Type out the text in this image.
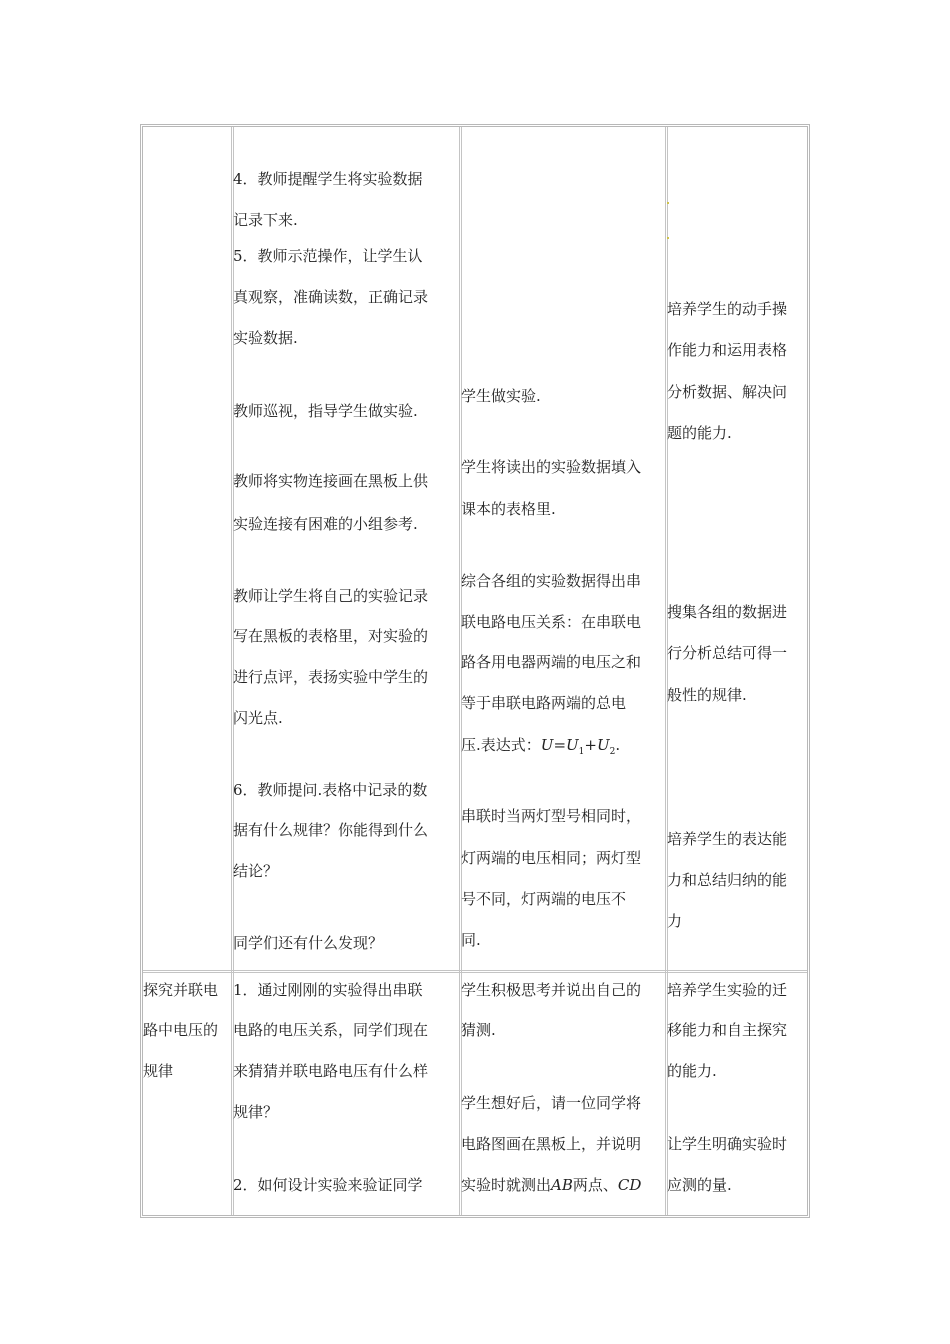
4．教师提醒学生将实验数据

记录下来.

5．教师示范操作，让学生认

真观察，准确读数，正确记录

实验数据.

教师巡视，指导学生做实验.

教师将实物连接画在黑板上供

实验连接有困难的小组参考.

教师让学生将自己的实验记录

写在黑板的表格里，对实验的

进行点评，表扬实验中学生的

闪光点.

6．教师提问.表格中记录的数

据有什么规律？你能得到什么

结论？

同学们还有什么发现？

学生做实验.

学生将读出的实验数据填入

课本的表格里.

综合各组的实验数据得出串

联电路电压关系：在串联电

路各用电器两端的电压之和

等于串联电路两端的总电

压.表达式：$U=U_1+U_2$.

串联时当两灯型号相同时，

灯两端的电压相同；两灯型

号不同，灯两端的电压不

同.

培养学生的动手操

作能力和运用表格

分析数据、解决问

题的能力.

搜集各组的数据进

行分析总结可得一

般性的规律.

培养学生的表达能

力和总结归纳的能

力

探究并联电

路中电压的

规律

1．通过刚刚的实验得出串联

电路的电压关系，同学们现在

来猜猜并联电路电压有什么样

规律？

2．如何设计实验来验证同学

学生积极思考并说出自己的

猜测.

学生想好后，请一位同学将

电路图画在黑板上，并说明

实验时就测出AB两点、CD

培养学生实验的迁

移能力和自主探究

的能力.

让学生明确实验时

应测的量.
